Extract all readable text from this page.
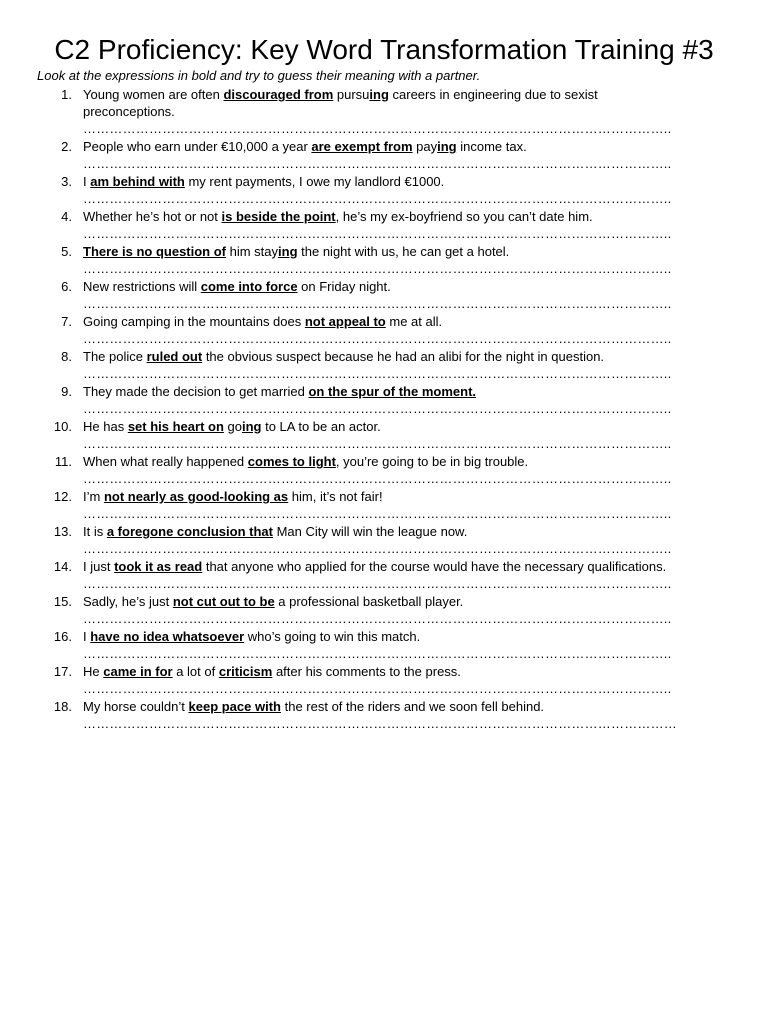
C2 Proficiency: Key Word Transformation Training #3

Look at the expressions in bold and try to guess their meaning with a partner.

1. Young women are often discouraged from pursuing careers in engineering due to sexist preconceptions.
……………………………………………………………………………………………………………………..
2. People who earn under €10,000 a year are exempt from paying income tax.
……………………………………………………………………………………………………………………..
3. I am behind with my rent payments, I owe my landlord €1000.
……………………………………………………………………………………………………………………..
4. Whether he’s hot or not is beside the point, he’s my ex-boyfriend so you can’t date him.
……………………………………………………………………………………………………………………..
5. There is no question of him staying the night with us, he can get a hotel.
……………………………………………………………………………………………………………………..
6. New restrictions will come into force on Friday night.
……………………………………………………………………………………………………………………..
7. Going camping in the mountains does not appeal to me at all.
……………………………………………………………………………………………………………………..
8. The police ruled out the obvious suspect because he had an alibi for the night in question.
……………………………………………………………………………………………………………………..
9. They made the decision to get married on the spur of the moment.
……………………………………………………………………………………………………………………..
10. He has set his heart on going to LA to be an actor.
……………………………………………………………………………………………………………………..
11. When what really happened comes to light, you’re going to be in big trouble.
……………………………………………………………………………………………………………………..
12. I’m not nearly as good-looking as him, it’s not fair!
……………………………………………………………………………………………………………………..
13. It is a foregone conclusion that Man City will win the league now.
……………………………………………………………………………………………………………………..
14. I just took it as read that anyone who applied for the course would have the necessary qualifications.
……………………………………………………………………………………………………………………..
15. Sadly, he’s just not cut out to be a professional basketball player.
……………………………………………………………………………………………………………………..
16. I have no idea whatsoever who’s going to win this match.
……………………………………………………………………………………………………………………..
17. He came in for a lot of criticism after his comments to the press.
……………………………………………………………………………………………………………………..
18. My horse couldn’t keep pace with the rest of the riders and we soon fell behind.
………………………………………………………………………………………………………………………
